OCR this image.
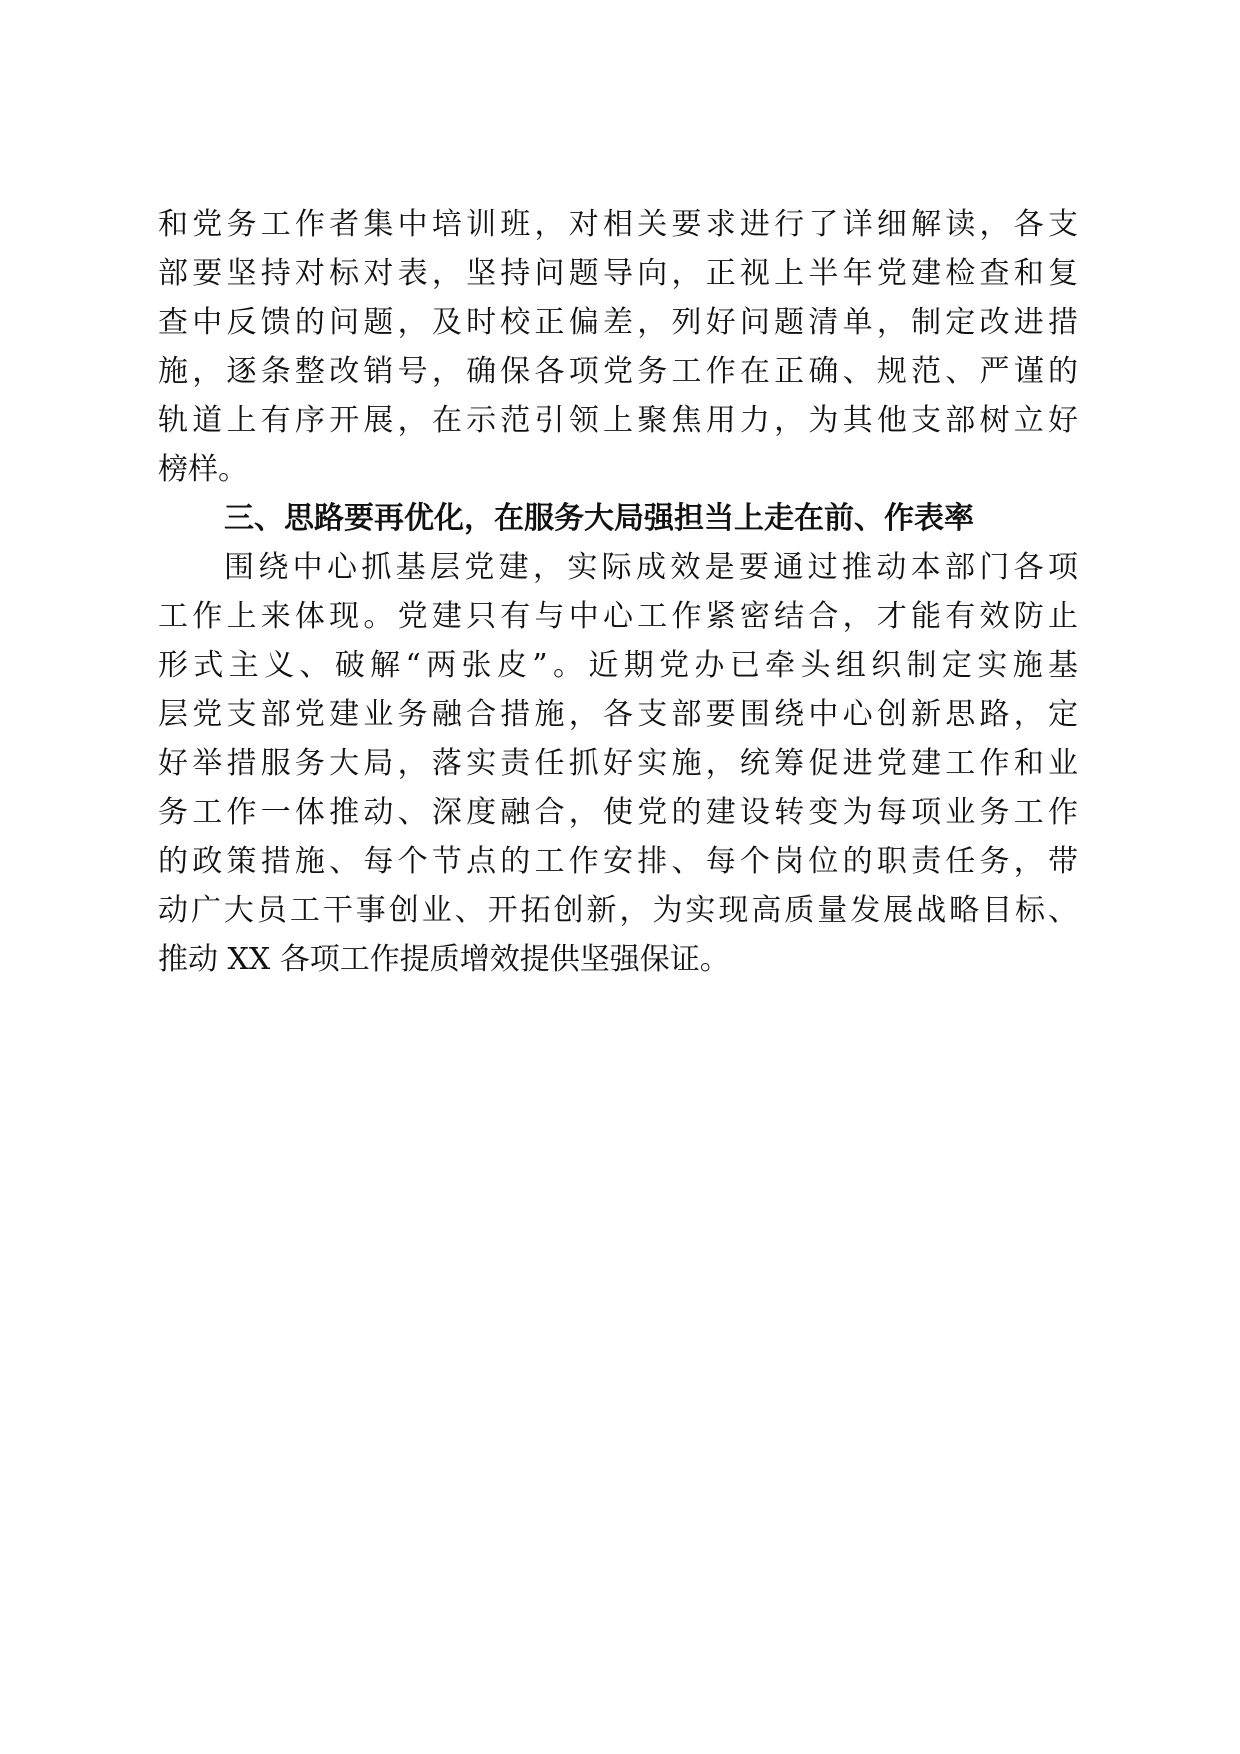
和党务工作者集中培训班，对相关要求进行了详细解读，各支
部要坚持对标对表，坚持问题导向，正视上半年党建检查和复
查中反馈的问题，及时校正偏差，列好问题清单，制定改进措
施，逐条整改销号，确保各项党务工作在正确、规范、严谨的
轨道上有序开展，在示范引领上聚焦用力，为其他支部树立好
榜样。
三、思路要再优化，在服务大局强担当上走在前、作表率
围绕中心抓基层党建，实际成效是要通过推动本部门各项
工作上来体现。党建只有与中心工作紧密结合，才能有效防止
形式主义、破解“两张皮”。近期党办已牵头组织制定实施基
层党支部党建业务融合措施，各支部要围绕中心创新思路，定
好举措服务大局，落实责任抓好实施，统筹促进党建工作和业
务工作一体推动、深度融合，使党的建设转变为每项业务工作
的政策措施、每个节点的工作安排、每个岗位的职责任务，带
动广大员工干事创业、开拓创新，为实现高质量发展战略目标、
推动 XX 各项工作提质增效提供坚强保证。
